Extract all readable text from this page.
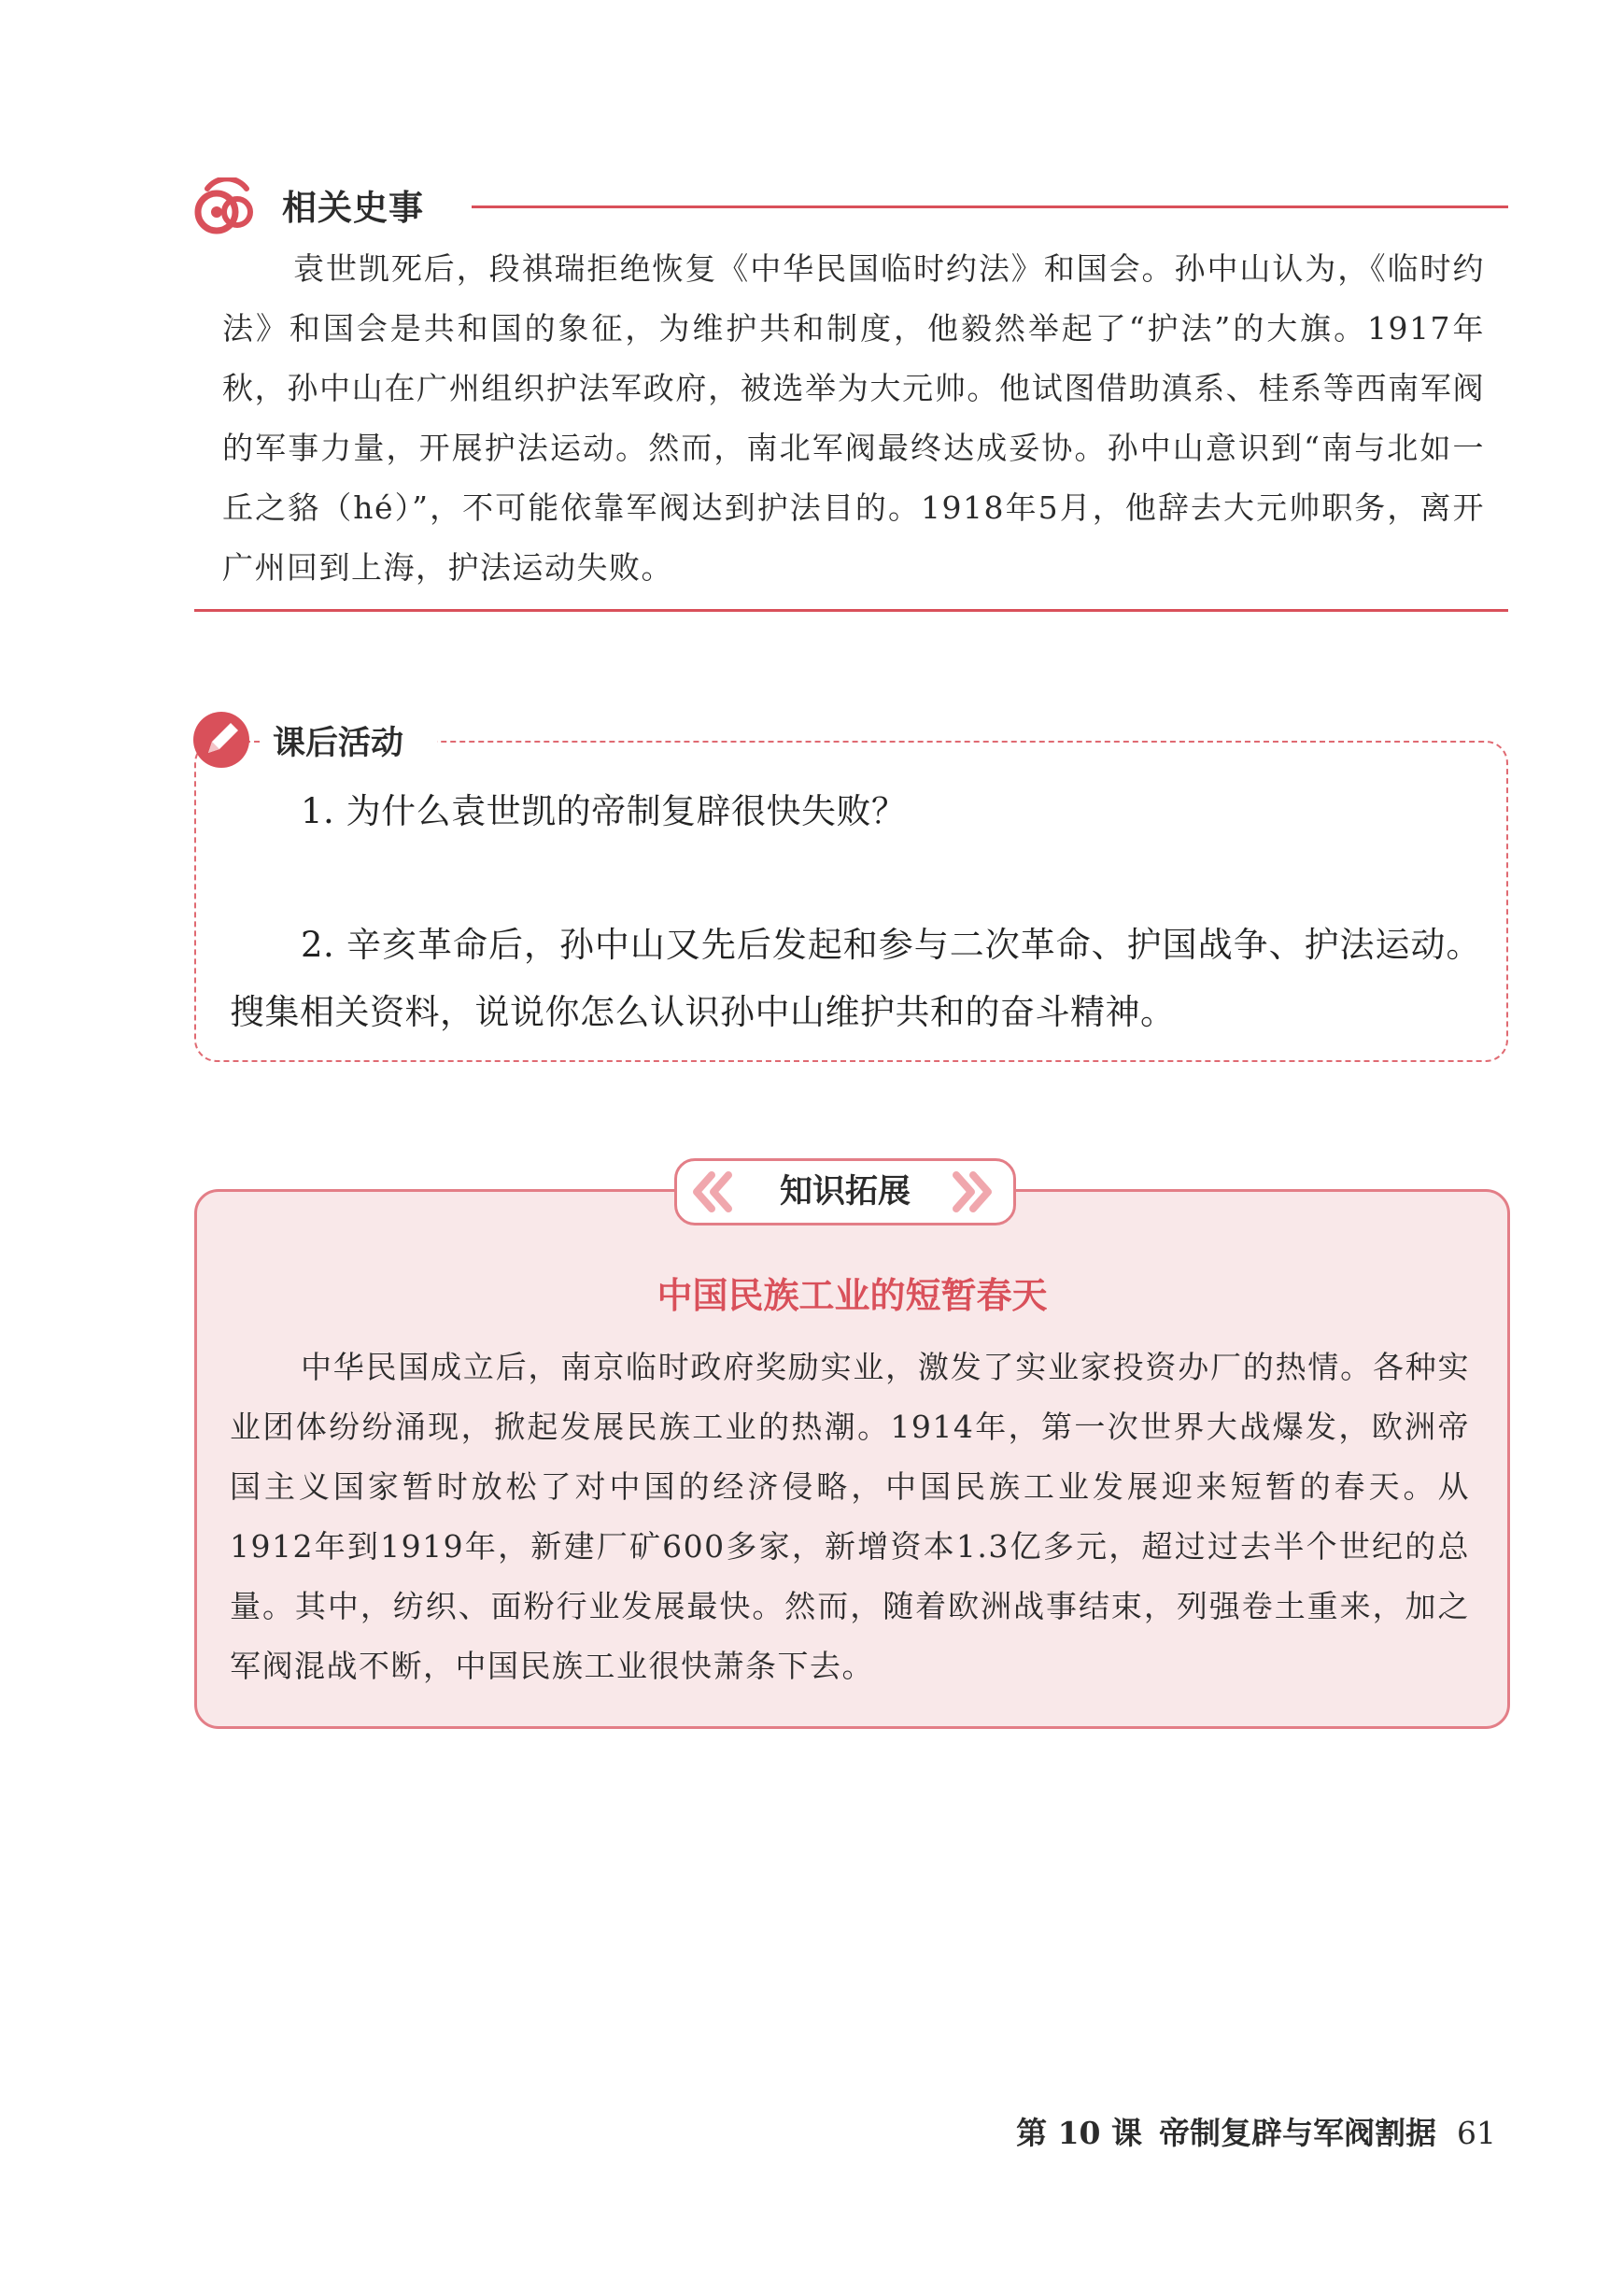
相关史事

袁世凯死后，段祺瑞拒绝恢复《中华民国临时约法》和国会。孙中山认为，《临时约法》和国会是共和国的象征，为维护共和制度，他毅然举起了“护法”的大旗。1917年秋，孙中山在广州组织护法军政府，被选举为大元帅。他试图借助滇系、桂系等西南军阀的军事力量，开展护法运动。然而，南北军阀最终达成妥协。孙中山意识到“南与北如一丘之貉（hé）”，不可能依靠军阀达到护法目的。1918年5月，他辞去大元帅职务，离开广州回到上海，护法运动失败。

课后活动

1. 为什么袁世凯的帝制复辟很快失败？

2. 辛亥革命后，孙中山又先后发起和参与二次革命、护国战争、护法运动。搜集相关资料，说说你怎么认识孙中山维护共和的奋斗精神。

知识拓展
中国民族工业的短暂春天

中华民国成立后，南京临时政府奖励实业，激发了实业家投资办厂的热情。各种实业团体纷纷涌现，掀起发展民族工业的热潮。1914年，第一次世界大战爆发，欧洲帝国主义国家暂时放松了对中国的经济侵略，中国民族工业发展迎来短暂的春天。从1912年到1919年，新建厂矿600多家，新增资本1.3亿多元，超过过去半个世纪的总量。其中，纺织、面粉行业发展最快。然而，随着欧洲战事结束，列强卷土重来，加之军阀混战不断，中国民族工业很快萧条下去。

第 10 课 帝制复辟与军阀割据 61
